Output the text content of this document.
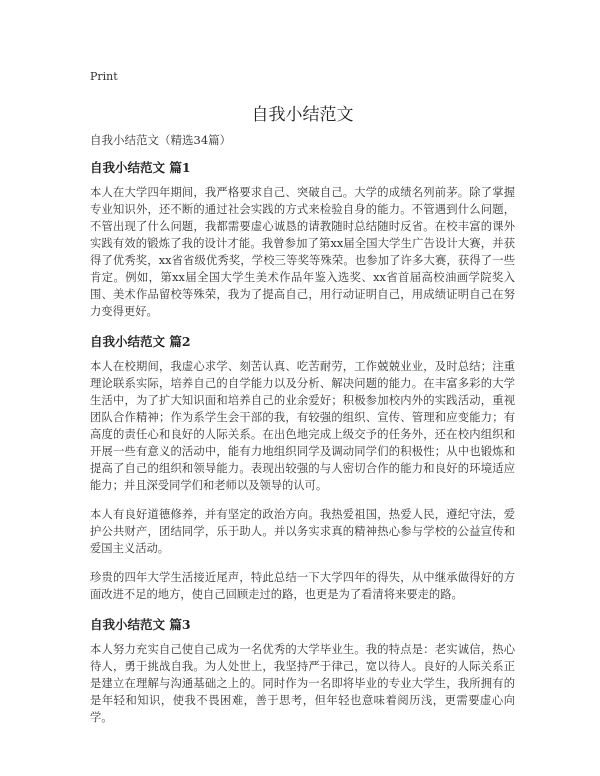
Print
自我小结范文
自我小结范文（精选34篇）
自我小结范文 篇1

本人在大学四年期间，我严格要求自己、突破自己。大学的成绩名列前茅。除了掌握专业知识外，还不断的通过社会实践的方式来检验自身的能力。不管遇到什么问题，不管出现了什么问题，我都需要虚心诚恳的请教随时总结随时反省。在校丰富的课外实践有效的锻炼了我的设计才能。我曾参加了第xx届全国大学生广告设计大赛，并获得了优秀奖，xx省省级优秀奖，学校三等奖等殊荣。也参加了许多大赛，获得了一些肯定。例如，第xx届全国大学生美术作品年鉴入选奖、xx省首届高校油画学院奖入围、美术作品留校等殊荣，我为了提高自己，用行动证明自己，用成绩证明自己在努力变得更好。

自我小结范文 篇2

本人在校期间，我虚心求学、刻苦认真、吃苦耐劳，工作兢兢业业，及时总结；注重理论联系实际，培养自己的自学能力以及分析、解决问题的能力。在丰富多彩的大学生活中，为了扩大知识面和培养自己的业余爱好；积极参加校内外的实践活动，重视团队合作精神；作为系学生会干部的我，有较强的组织、宣传、管理和应变能力；有高度的责任心和良好的人际关系。在出色地完成上级交予的任务外，还在校内组织和开展一些有意义的活动中，能有力地组织同学及调动同学们的积极性；从中也锻炼和提高了自己的组织和领导能力。表现出较强的与人密切合作的能力和良好的环境适应能力；并且深受同学们和老师以及领导的认可。

本人有良好道德修养，并有坚定的政治方向。我热爱祖国，热爱人民，遵纪守法，爱护公共财产，团结同学，乐于助人。并以务实求真的精神热心参与学校的公益宣传和爱国主义活动。

珍贵的四年大学生活接近尾声，特此总结一下大学四年的得失，从中继承做得好的方面改进不足的地方，使自己回顾走过的路，也更是为了看清将来要走的路。

自我小结范文 篇3

本人努力充实自己使自己成为一名优秀的大学毕业生。我的特点是：老实诚信，热心待人，勇于挑战自我。为人处世上，我坚持严于律己，宽以待人。良好的人际关系正是建立在理解与沟通基础之上的。同时作为一名即将毕业的专业大学生，我所拥有的是年轻和知识，使我不畏困难，善于思考，但年轻也意味着阅历浅，更需要虚心向学。
